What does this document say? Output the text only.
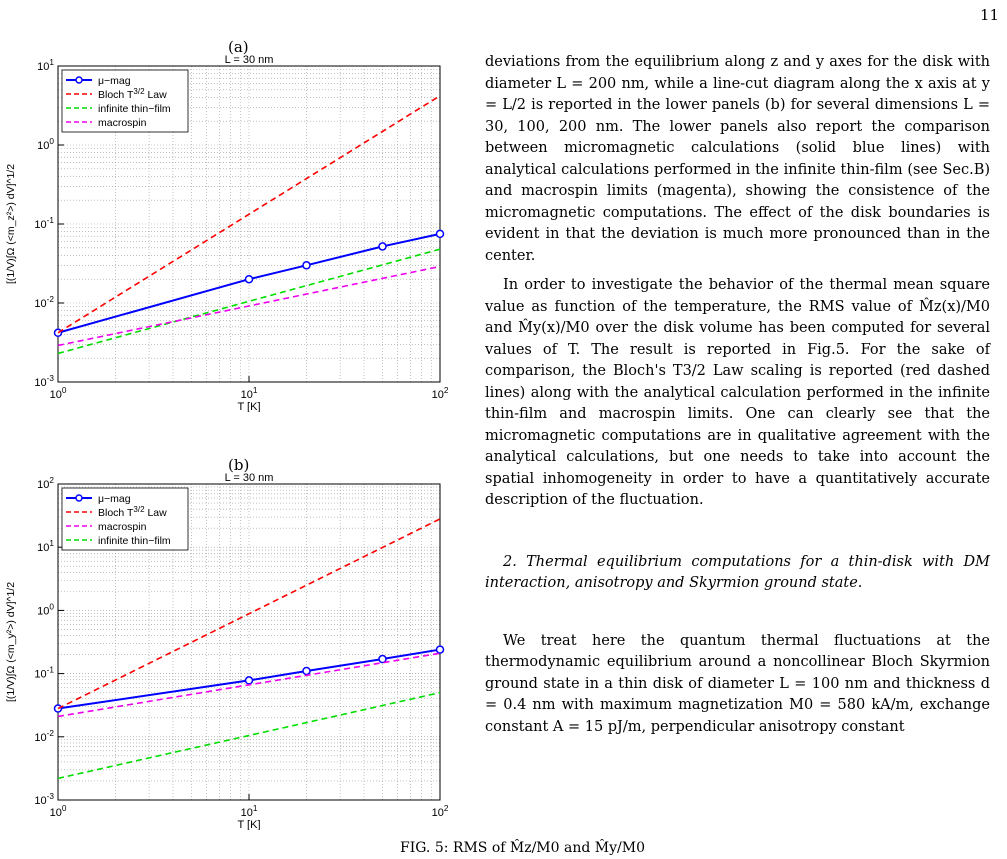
11
(a)
$10^0$	$10^1$	$10^2$
$10^{-3}$
$10^{-2}$
$10^{-1}$
$10^0$
$10^1$	L = 30 nm
T [K]
[(1/V)∫Ω (<m_z²>) dV]^1/2
μ−mag
Bloch $T^{3/2}$ Law
infinite thin−film
macrospin
(b)
$10^0$	$10^1$	$10^2$
$10^{-3}$
$10^{-2}$
$10^{-1}$
$10^0$
$10^1$
$10^2$	L = 30 nm
T [K]
[(1/V)∫Ω (<m_y²>) dV]^1/2
μ−mag
Bloch $T^{3/2}$ Law
macrospin
infinite thin−film
FIG. 5: RMS of M̂z/M0 and M̂y/M0

deviations from the equilibrium along z and y axes for the disk with diameter L = 200 nm, while a line-cut diagram along the x axis at y = L/2 is reported in the lower panels (b) for several dimensions L = 30, 100, 200 nm. The lower panels also report the comparison between micromagnetic calculations (solid blue lines) with analytical calculations performed in the infinite thin-film (see Sec.B) and macrospin limits (magenta), showing the consistence of the micromagnetic computations. The effect of the disk boundaries is evident in that the deviation is much more pronounced than in the center.

In order to investigate the behavior of the thermal mean square value as function of the temperature, the RMS value of M̂z(x)/M0 and M̂y(x)/M0 over the disk volume has been computed for several values of T. The result is reported in Fig.5. For the sake of comparison, the Bloch's T3/2 Law scaling is reported (red dashed lines) along with the analytical calculation performed in the infinite thin-film and macrospin limits. One can clearly see that the micromagnetic computations are in qualitative agreement with the analytical calculations, but one needs to take into account the spatial inhomogeneity in order to have a quantitatively accurate description of the fluctuation.

2. Thermal equilibrium computations for a thin-disk with DM interaction, anisotropy and Skyrmion ground state.

We treat here the quantum thermal fluctuations at the thermodynamic equilibrium around a noncollinear Bloch Skyrmion ground state in a thin disk of diameter L = 100 nm and thickness d = 0.4 nm with maximum magnetization M0 = 580 kA/m, exchange constant A = 15 pJ/m, perpendicular anisotropy constant
